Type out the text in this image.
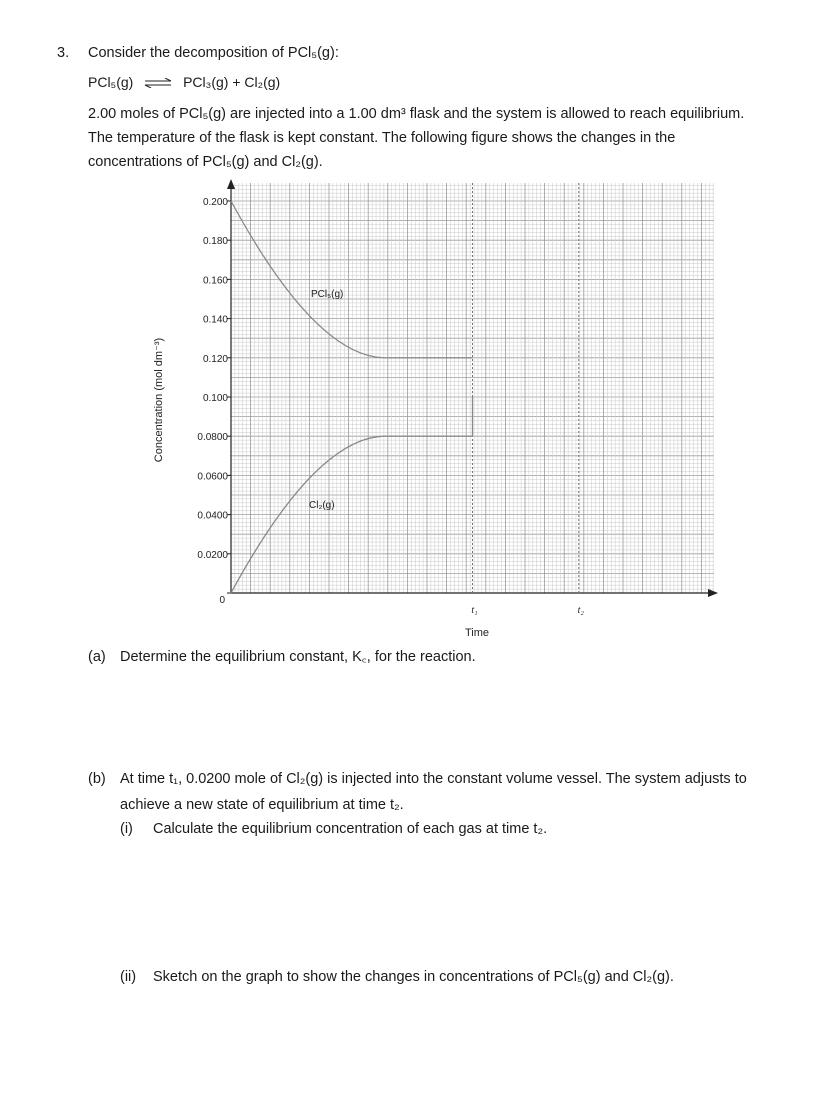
3. Consider the decomposition of PCl₅(g):
PCl₅(g) ⇌ PCl₃(g) + Cl₂(g)
2.00 moles of PCl₅(g) are injected into a 1.00 dm³ flask and the system is allowed to reach equilibrium.
The temperature of the flask is kept constant. The following figure shows the changes in the
concentrations of PCl₅(g) and Cl₂(g).
0
0.0200
0.0400
0.0600
0.0800
0.100
0.120
0.140
0.160
0.180
0.200
t₁	t₂
PCl₅(g)
Cl₂(g)
Concentration (mol dm⁻³)
Time
(a) Determine the equilibrium constant, K꜀, for the reaction.
(b) At time t₁, 0.0200 mole of Cl₂(g) is injected into the constant volume vessel. The system adjusts to
achieve a new state of equilibrium at time t₂.
(i) Calculate the equilibrium concentration of each gas at time t₂.
(ii) Sketch on the graph to show the changes in concentrations of PCl₅(g) and Cl₂(g).
